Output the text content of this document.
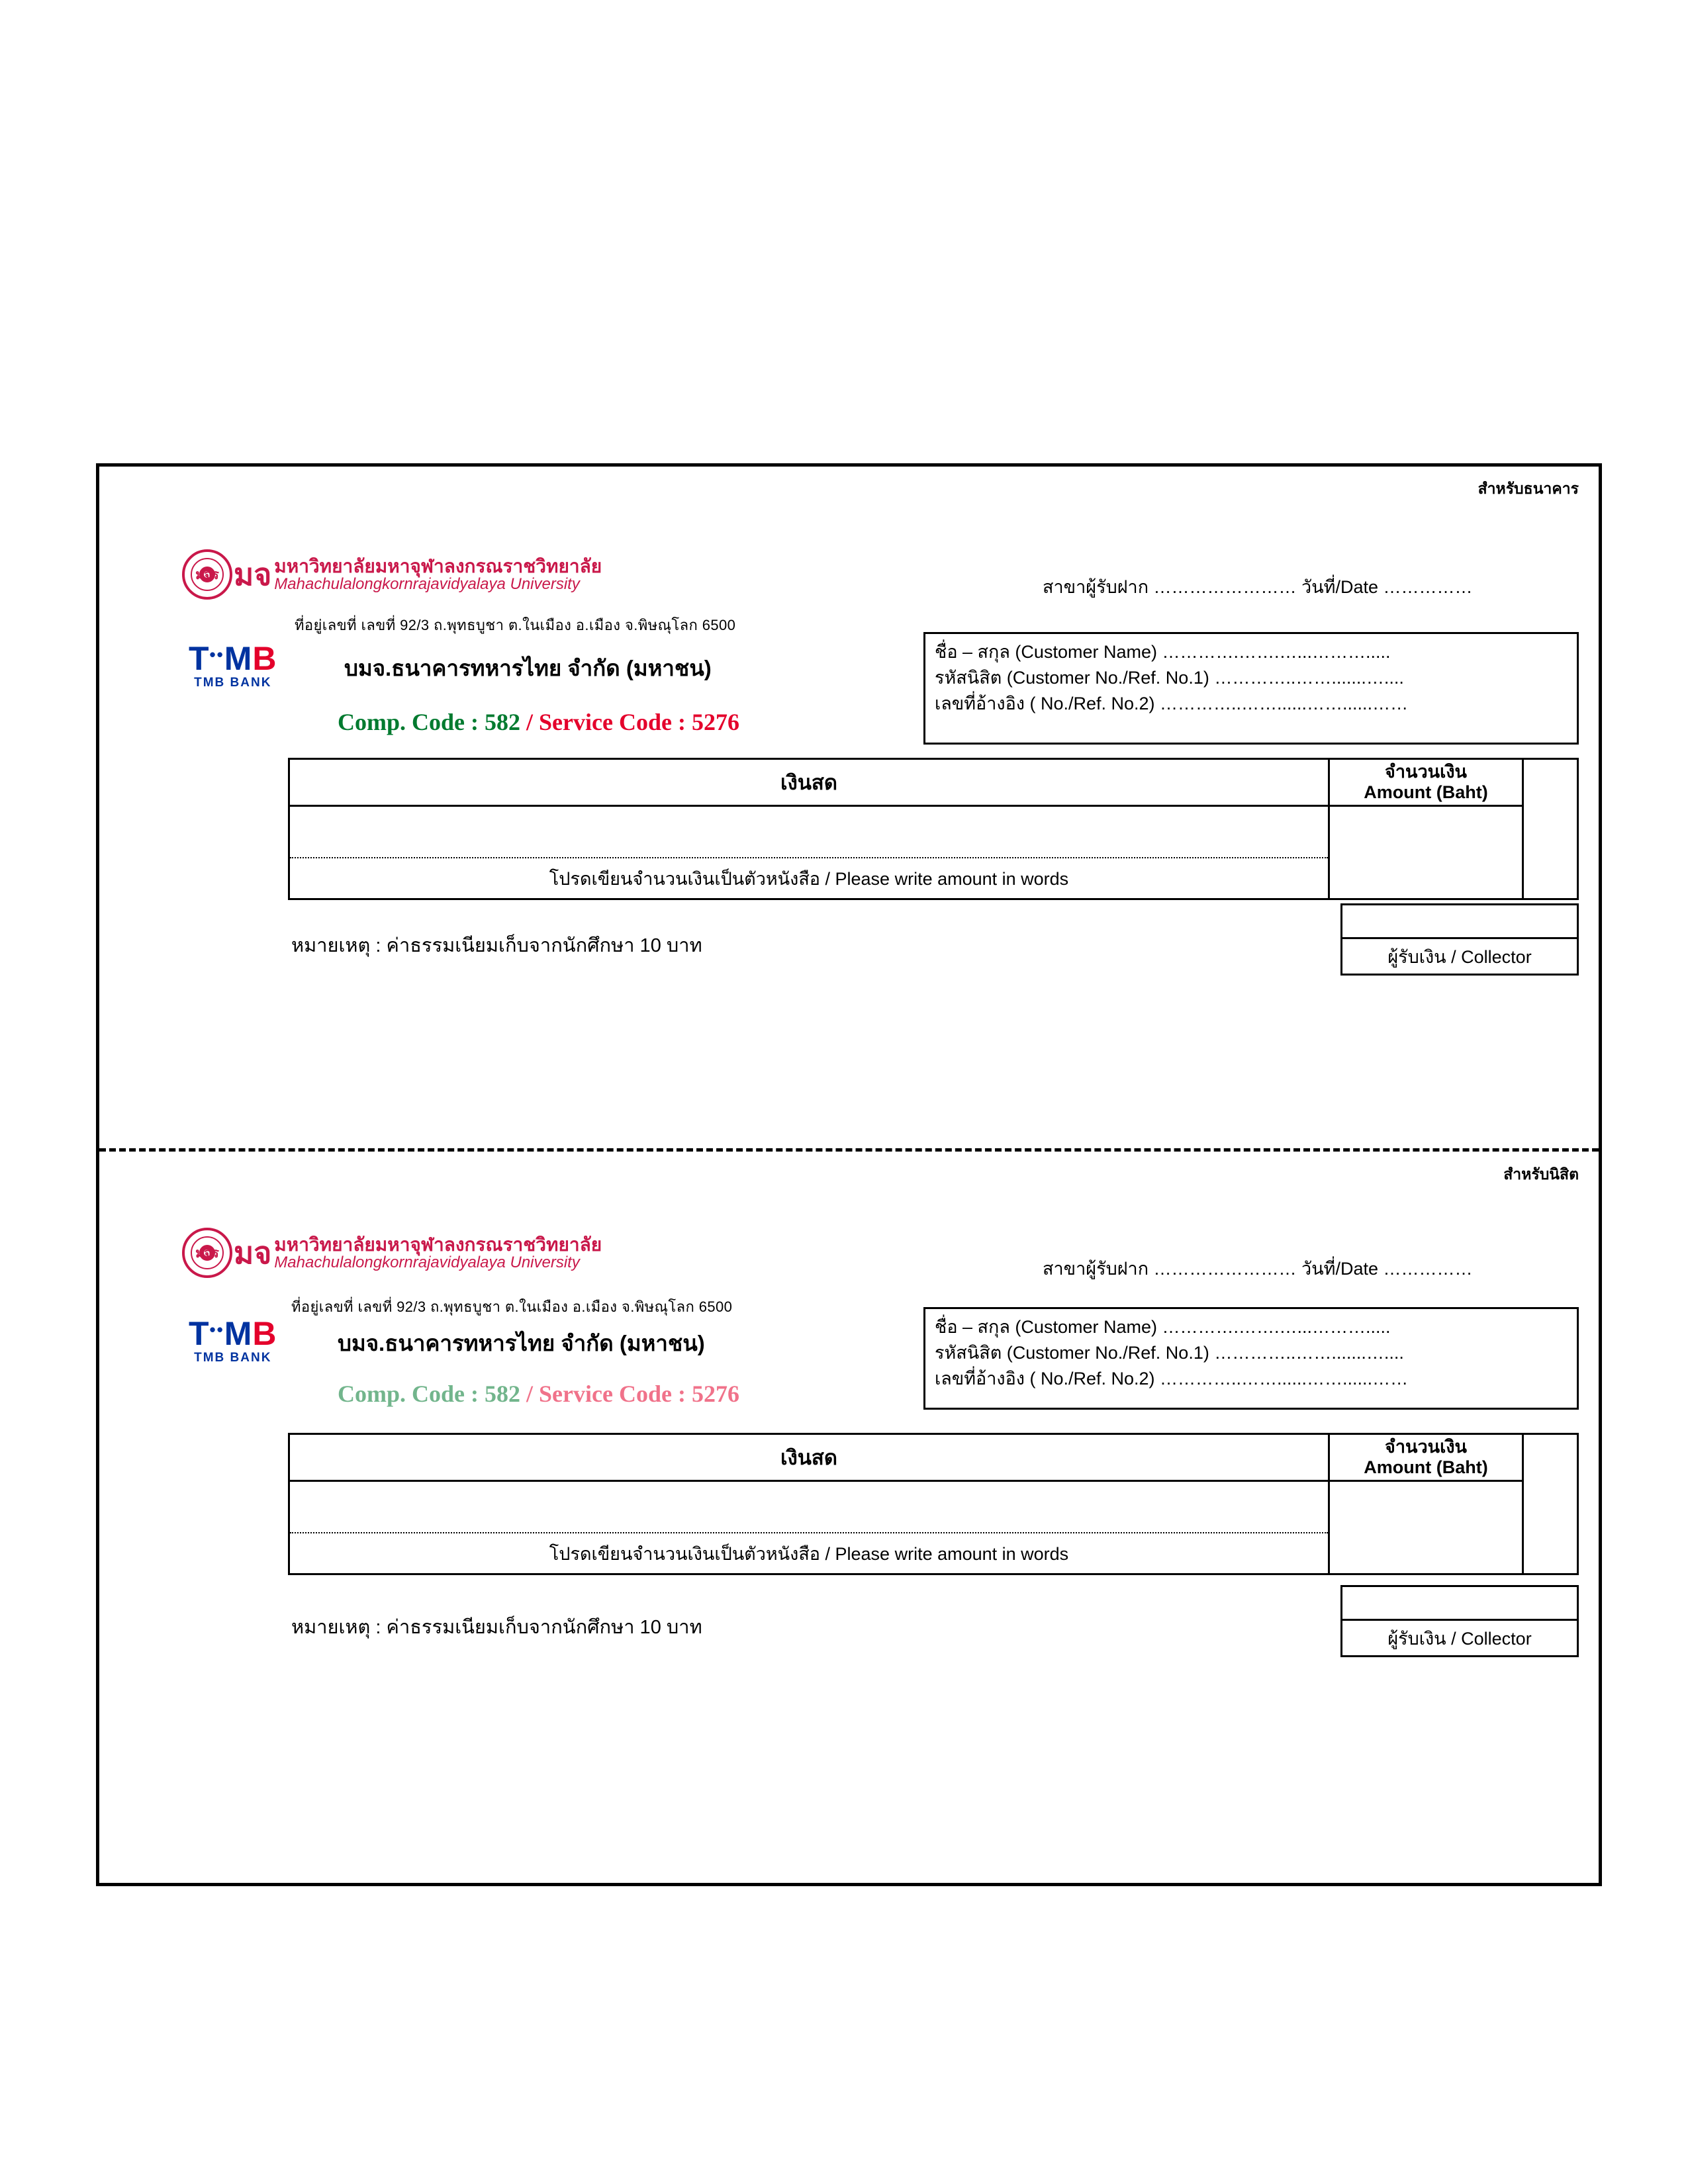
สำหรับธนาคาร
มจร มจ มหาวิทยาลัยมหาจุฬาลงกรณราชวิทยาลัย
Mahachulalongkornrajavidyalaya University
ที่อยู่เลขที่ เลขที่ 92/3 ถ.พุทธบูชา ต.ในเมือง อ.เมือง จ.พิษณุโลก 6500
T••MB
TMB BANK
บมจ.ธนาคารทหารไทย จำกัด (มหาชน)
Comp. Code : 582 / Service Code : 5276
สาขาผู้รับฝาก …………………… วันที่/Date ……………
ชื่อ – สกุล (Customer Name) ………….…….…...……….....
รหัสนิสิต (Customer No./Ref. No.1) …………..…….......…....
เลขที่อ้างอิง ( No./Ref. No.2) …………..……......……......……
เงินสด
โปรดเขียนจำนวนเงินเป็นตัวหนังสือ / Please write amount in words
จำนวนเงิน
Amount (Baht)
หมายเหตุ : ค่าธรรมเนียมเก็บจากนักศึกษา 10 บาท
ผู้รับเงิน / Collector
สำหรับนิสิต
มจร มจ มหาวิทยาลัยมหาจุฬาลงกรณราชวิทยาลัย
Mahachulalongkornrajavidyalaya University
ที่อยู่เลขที่ เลขที่ 92/3 ถ.พุทธบูชา ต.ในเมือง อ.เมือง จ.พิษณุโลก 6500
T••MB
TMB BANK
บมจ.ธนาคารทหารไทย จำกัด (มหาชน)
Comp. Code : 582 / Service Code : 5276
สาขาผู้รับฝาก …………………… วันที่/Date ……………
ชื่อ – สกุล (Customer Name) ………….…….…...……….....
รหัสนิสิต (Customer No./Ref. No.1) …………..…….......…....
เลขที่อ้างอิง ( No./Ref. No.2) …………..……......……......……
เงินสด
โปรดเขียนจำนวนเงินเป็นตัวหนังสือ / Please write amount in words
จำนวนเงิน
Amount (Baht)
หมายเหตุ : ค่าธรรมเนียมเก็บจากนักศึกษา 10 บาท
ผู้รับเงิน / Collector
